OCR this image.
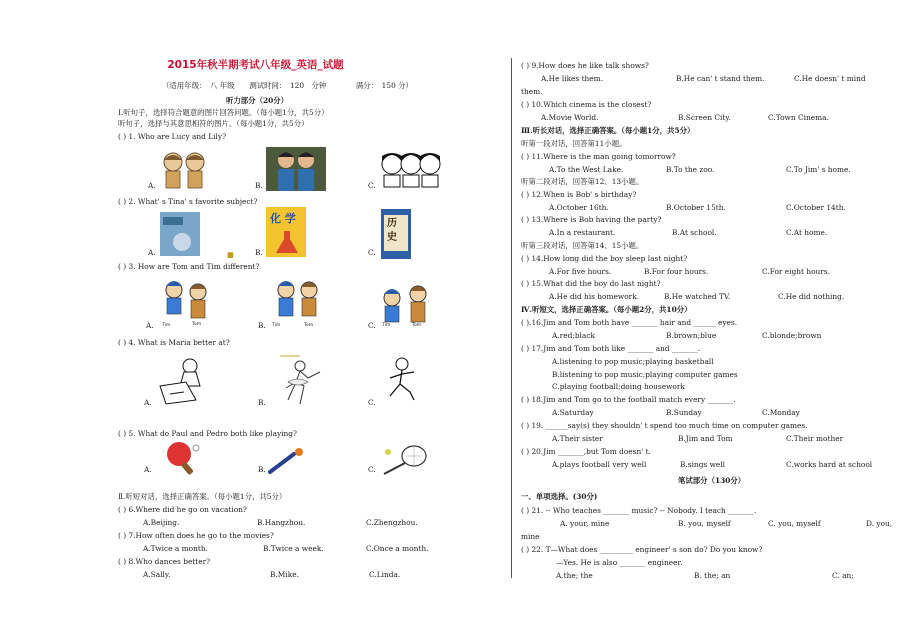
2015年秋半期考试八年级_英语_试题
（适用年级：　八 年级　　测试时间：　120　分钟　　　　满分：　150 分）
听力部分（20分）
Ⅰ.听句子，选择符合题意的图片回答问题。（每小题1分，共5分）
听句子，选择与其意思相符的图片。（每小题1分，共5分）
( ) 1. Who are Lucy and Lily?
A.	B.	C.
( ) 2. What' s Tina' s favorite subject?
A.	■	B.
化 学
C.
历 史
( ) 3. How are Tom and Tim different?
A.	B.	C.
Tim	Tom	Tim	Tom	Tim	Tom
( ) 4. What is Maria better at?
A.	B.	C.
( ) 5. What do Paul and Pedro both like playing?
A.	B.	C.
Ⅱ.听短对话，选择正确答案。（每小题1分，共5分）
( ) 6.Where did he go on vacation?
A.Beijing.	B.Hangzhou.	C.Zhengzhou.
( ) 7.How often does he go to the movies?
A.Twice a month.	B.Twice a week.	C.Once a month.
( ) 8.Who dances better?
A.Sally.	B.Mike.	C.Linda.
( ) 9.How does he like talk shows?
A.He likes them.	B.He can' t stand them.	C.He doesn' t mind
them.
( ) 10.Which cinema is the closest?
A.Movie World.	B.Screen City.	C.Town Cinema.
Ⅲ.听长对话，选择正确答案。（每小题1分，共5分）
听第一段对话，回答第11小题。
( ) 11.Where is the man going tomorrow?
A.To the West Lake.	B.To the zoo.	C.To Jim' s home.
听第二段对话，回答第12、13小题。
( ) 12.When is Bob' s birthday?
A.October 16th.	B.October 15th.	C.October 14th.
( ) 13.Where is Bob having the party?
A.In a restaurant.	B.At school.	C.At home.
听第三段对话，回答第14、15小题。
( ) 14.How long did the boy sleep last night?
A.For five hours.	B.For four hours.	C.For eight hours.
( ) 15.What did the boy do last night?
A.He did his homework.	B.He watched TV.	C.He did nothing.
Ⅳ.听短文，选择正确答案。（每小题2分，共10分）
( ).16.Jim and Tom both have _______ hair and ______ eyes.
A.red;black	B.brown;blue	C.blonde;brown
( ) 17.Jim and Tom both like _______ and _______.
A.listening to pop music;playing basketball
B.listening to pop music;playing computer games
C.playing football;doing housework
( ) 18.Jim and Tom go to the football match every _______.
A.Saturday	B.Sunday	C.Monday
( ) 19. ______say(s) they shouldn' t spend too much time on computer games.
A.Their sister	B.Jim and Tom	C.Their mother
( ) 20.Jim _______,but Tom doesn' t.
A.plays football very well	B.sings well	C.works hard at school
笔试部分（130分）
一、单项选择。(30分)
( ) 21. -- Who teaches _______ music? -- Nobody. I teach _______.
A. your, mine	B. you, myself	C. you, myself	D. you,
mine
( ) 22. T—What does _________ engineer' s son do? Do you know?
—Yes. He is also _______ engineer.
A.the; the	B. the; an	C. an;
